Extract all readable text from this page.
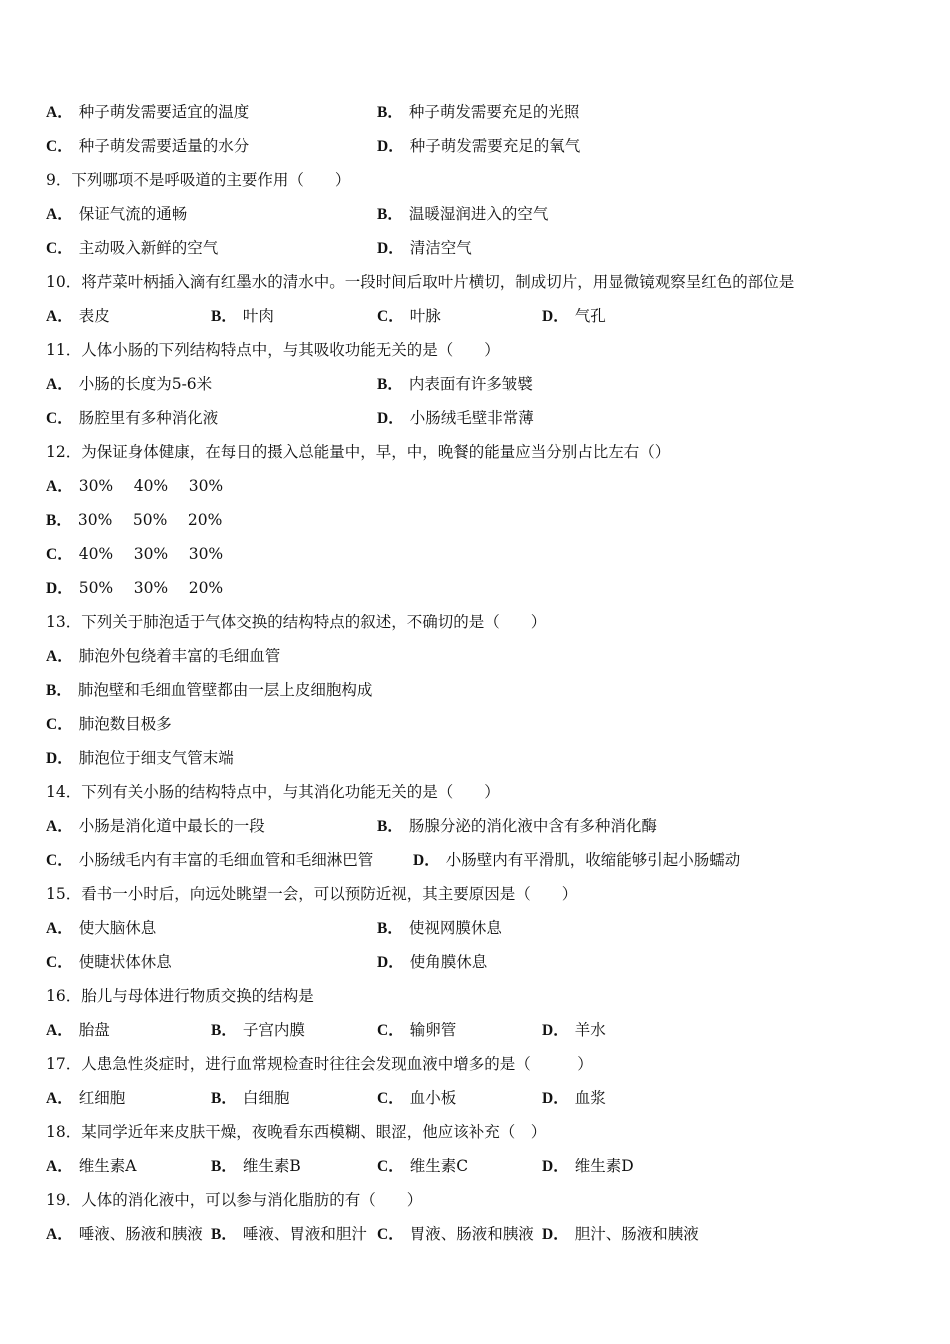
A． 种子萌发需要适宜的温度	B． 种子萌发需要充足的光照
C． 种子萌发需要适量的水分	D． 种子萌发需要充足的氧气
9．下列哪项不是呼吸道的主要作用（　　）
A． 保证气流的通畅	B． 温暖湿润进入的空气
C． 主动吸入新鲜的空气	D． 清洁空气
10．将芹菜叶柄插入滴有红墨水的清水中。一段时间后取叶片横切，制成切片，用显微镜观察呈红色的部位是
A． 表皮	B． 叶肉	C． 叶脉	D． 气孔
11．人体小肠的下列结构特点中，与其吸收功能无关的是（　　）
A． 小肠的长度为5-6米	B． 内表面有许多皱襞
C． 肠腔里有多种消化液	D． 小肠绒毛壁非常薄
12．为保证身体健康，在每日的摄入总能量中，早，中，晚餐的能量应当分别占比左右（）
A． 30% 40% 30%
B． 30% 50% 20%
C． 40% 30% 30%
D． 50% 30% 20%
13．下列关于肺泡适于气体交换的结构特点的叙述，不确切的是（　　）
A． 肺泡外包绕着丰富的毛细血管
B． 肺泡壁和毛细血管壁都由一层上皮细胞构成
C． 肺泡数目极多
D． 肺泡位于细支气管末端
14．下列有关小肠的结构特点中，与其消化功能无关的是（　　）
A． 小肠是消化道中最长的一段	B． 肠腺分泌的消化液中含有多种消化酶
C． 小肠绒毛内有丰富的毛细血管和毛细淋巴管	D． 小肠壁内有平滑肌，收缩能够引起小肠蠕动
15．看书一小时后，向远处眺望一会，可以预防近视，其主要原因是（　　）
A． 使大脑休息	B． 使视网膜休息
C． 使睫状体休息	D． 使角膜休息
16．胎儿与母体进行物质交换的结构是
A． 胎盘	B． 子宫内膜	C． 输卵管	D． 羊水
17．人患急性炎症时，进行血常规检查时往往会发现血液中增多的是（　　　）
A． 红细胞	B． 白细胞	C． 血小板	D． 血浆
18．某同学近年来皮肤干燥，夜晚看东西模糊、眼涩，他应该补充（　）
A． 维生素A	B． 维生素B	C． 维生素C	D． 维生素D
19．人体的消化液中，可以参与消化脂肪的有（　　）
A． 唾液、肠液和胰液 B． 唾液、胃液和胆汁 C． 胃液、肠液和胰液 D． 胆汁、肠液和胰液
